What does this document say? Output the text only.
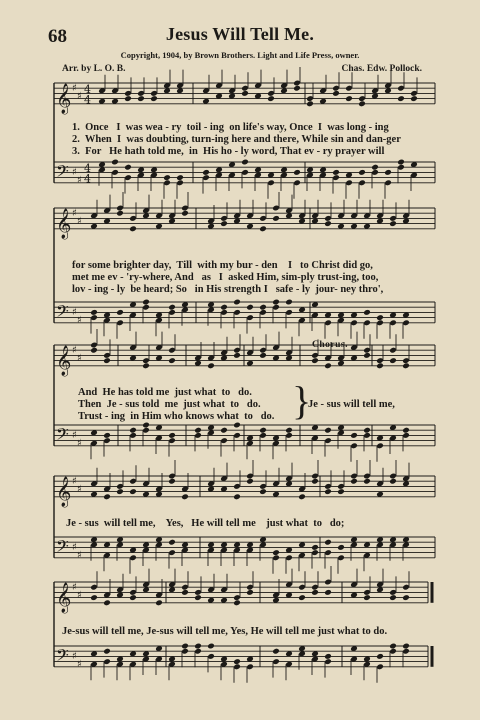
68	Jesus Will Tell Me.
Copyright, 1904, by Brown Brothers. Light and Life Press, owner.
Arr. by L. O. B.	Chas. Edw. Pollock.
𝄞 ♯
♯
𝄢 ♯
♯
4
4
4
4
𝄞 ♯
♯
𝄢 ♯
♯
𝄞 ♯
♯
𝄢 ♯
♯
𝄞 ♯
♯
𝄢 ♯
♯
𝄞 ♯
♯
𝄢 ♯
♯
1.  Once   I  was wea - ry  toil - ing  on life's way, Once  I  was long - ing
2.  When  I  was doubting, turn-ing here and there, While sin and dan-ger
3.  For   He hath told me,  in  His ho - ly word, That ev - ry prayer will
for some brighter day,  Till  with my bur - den    I   to Christ did go,
met me ev - 'ry-where, And   as   I  asked Him, sim-ply trust-ing, too,
lov - ing - ly  be heard; So   in His strength I   safe - ly  jour- ney thro',
Chorus.
And  He has told me  just what  to   do.
Then  Je - sus told  me  just what  to   do.
Trust - ing  in Him who knows what  to   do. }
Je - sus will tell me,
Je - sus  will tell me,    Yes,   He will tell me    just what  to   do;
Je-sus will tell me, Je-sus will tell me, Yes, He will tell me just what to do.
